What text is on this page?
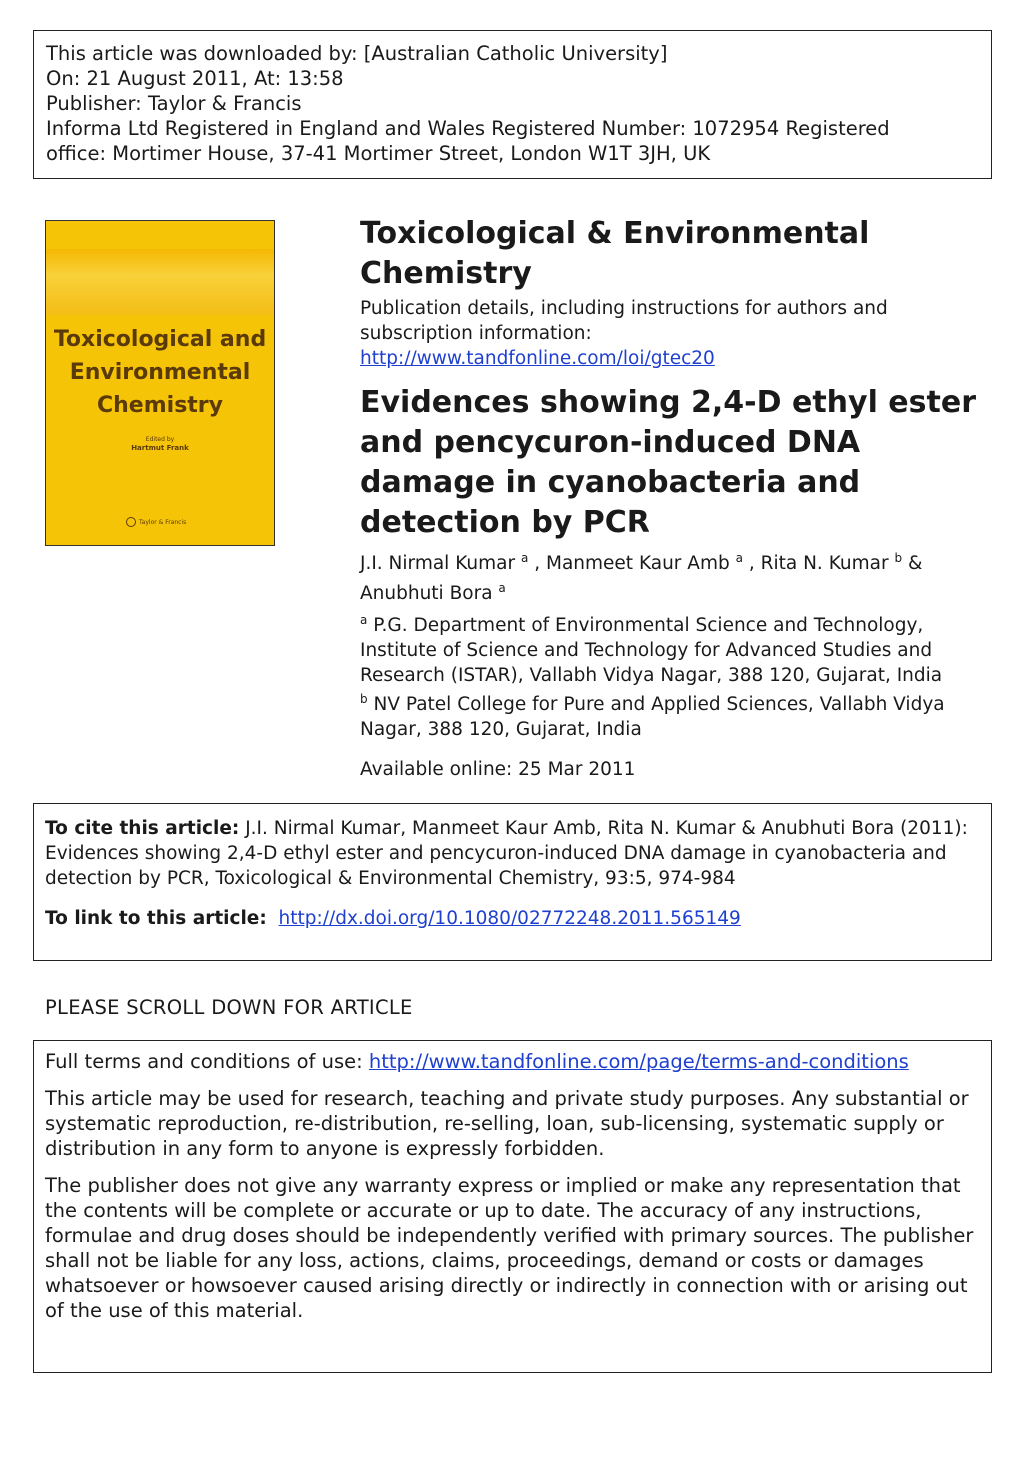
This article was downloaded by: [Australian Catholic University]
On: 21 August 2011, At: 13:58
Publisher: Taylor & Francis
Informa Ltd Registered in England and Wales Registered Number: 1072954 Registered
office: Mortimer House, 37-41 Mortimer Street, London W1T 3JH, UK
Toxicological and
Environmental
Chemistry
Edited by
Hartmut Frank
Taylor & Francis
Toxicological & Environmental Chemistry
Publication details, including instructions for authors and subscription information:
http://www.tandfonline.com/loi/gtec20
Evidences showing 2,4-D ethyl ester and pencycuron-induced DNA damage in cyanobacteria and detection by PCR
J.I. Nirmal Kumar $^a$ , Manmeet Kaur Amb $^a$ , Rita N. Kumar $^b$ & Anubhuti Bora $^a$
$^a$ P.G. Department of Environmental Science and Technology, Institute of Science and Technology for Advanced Studies and Research (ISTAR), Vallabh Vidya Nagar, 388 120, Gujarat, India
$^b$ NV Patel College for Pure and Applied Sciences, Vallabh Vidya Nagar, 388 120, Gujarat, India
Available online: 25 Mar 2011
To cite this article: J.I. Nirmal Kumar, Manmeet Kaur Amb, Rita N. Kumar & Anubhuti Bora (2011): Evidences showing 2,4-D ethyl ester and pencycuron-induced DNA damage in cyanobacteria and detection by PCR, Toxicological & Environmental Chemistry, 93:5, 974-984
To link to this article: http://dx.doi.org/10.1080/02772248.2011.565149
PLEASE SCROLL DOWN FOR ARTICLE

Full terms and conditions of use: http://www.tandfonline.com/page/terms-and-conditions

This article may be used for research, teaching and private study purposes. Any substantial or systematic reproduction, re-distribution, re-selling, loan, sub-licensing, systematic supply or distribution in any form to anyone is expressly forbidden.

The publisher does not give any warranty express or implied or make any representation that the contents will be complete or accurate or up to date. The accuracy of any instructions, formulae and drug doses should be independently verified with primary sources. The publisher shall not be liable for any loss, actions, claims, proceedings, demand or costs or damages whatsoever or howsoever caused arising directly or indirectly in connection with or arising out of the use of this material.
